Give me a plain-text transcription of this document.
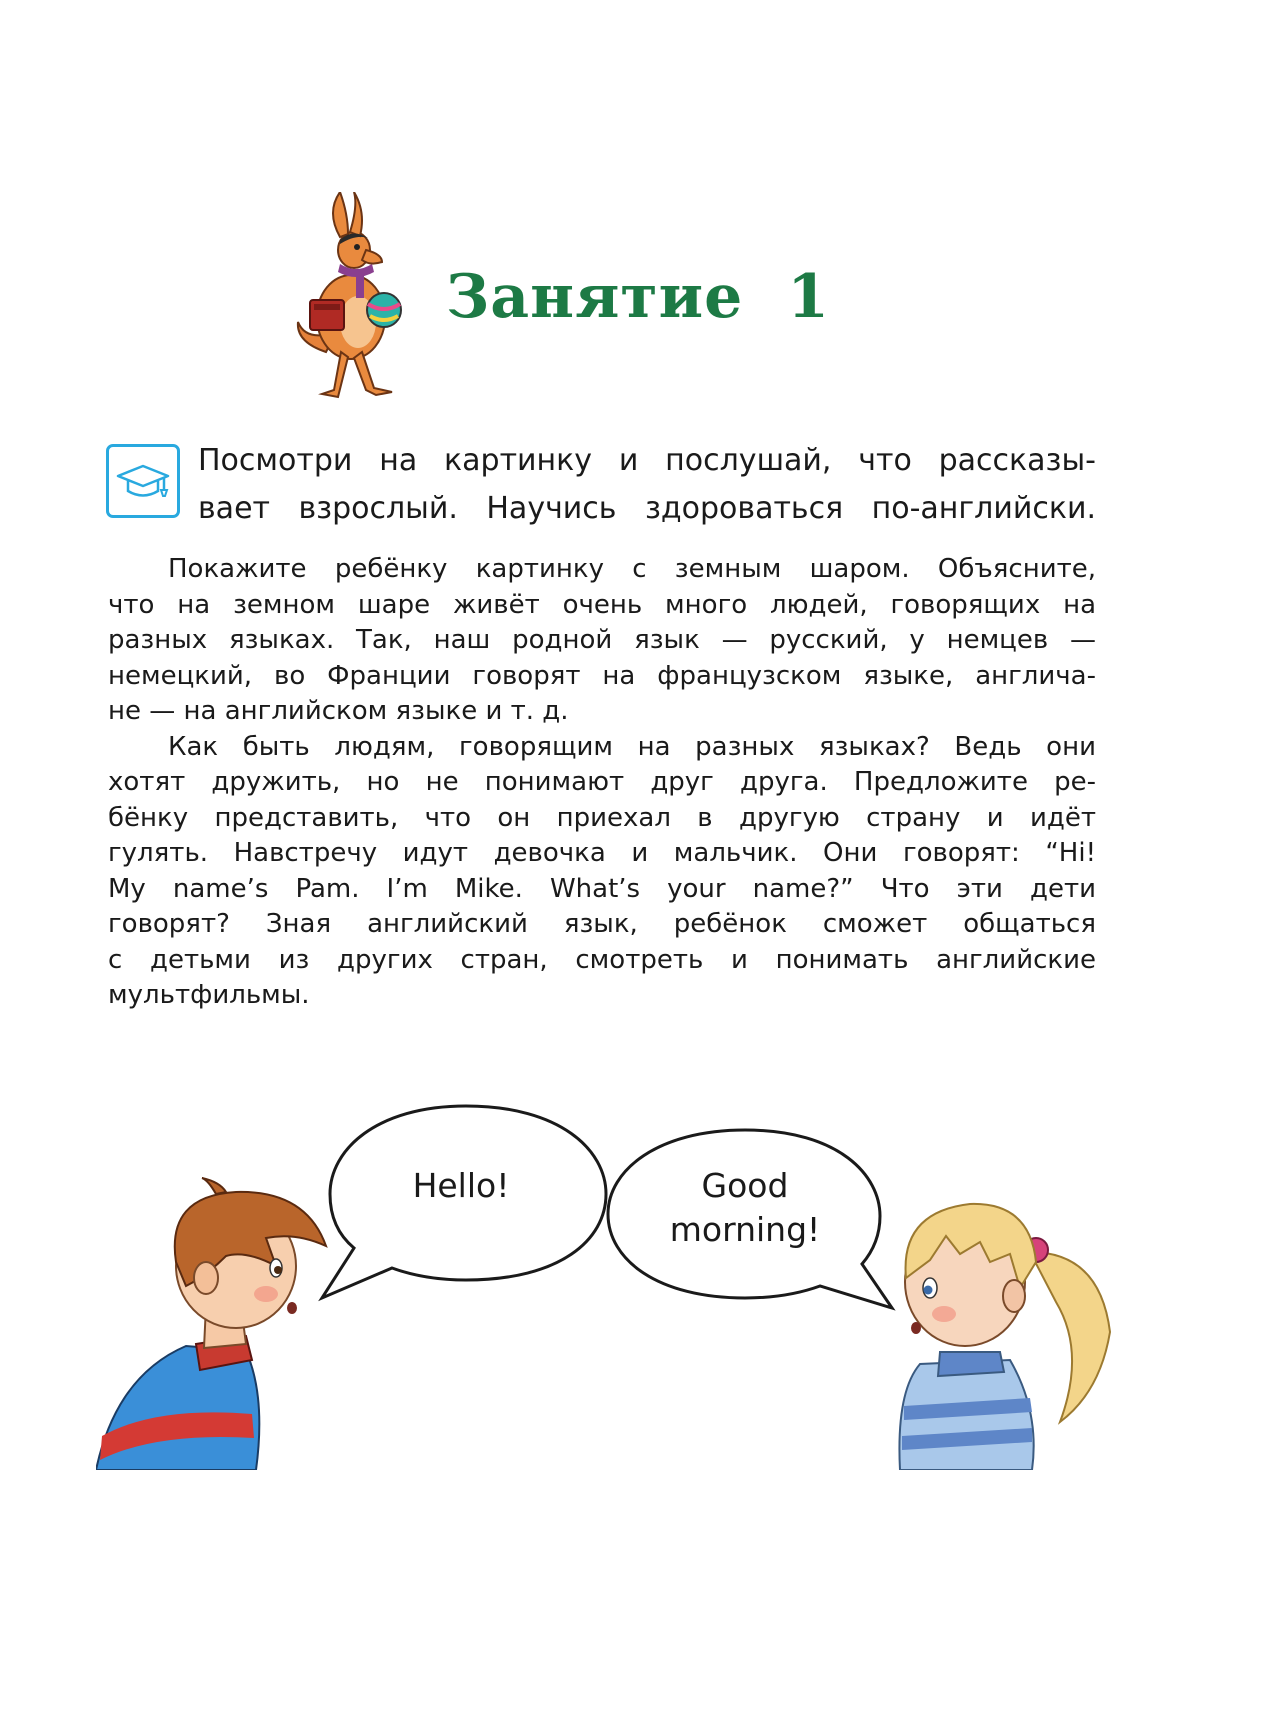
Занятие 1
Посмотри на картинку и послушай, что рассказы-
вает взрослый. Научись здороваться по-английски.
Покажите ребёнку картинку с земным шаром. Объясните,
что на земном шаре живёт очень много людей, говорящих на
разных языках. Так, наш родной язык — русский, у немцев —
немецкий, во Франции говорят на французском языке, англича-
не — на английском языке и т. д.
Как быть людям, говорящим на разных языках? Ведь они
хотят дружить, но не понимают друг друга. Предложите ре-
бёнку представить, что он приехал в другую страну и идёт
гулять. Навстречу идут девочка и мальчик. Они говорят: “Hi!
My name’s Pam. I’m Mike. What’s your name?” Что эти дети
говорят? Зная английский язык, ребёнок сможет общаться
с детьми из других стран, смотреть и понимать английские
мультфильмы.
Hello!	Good
morning!
